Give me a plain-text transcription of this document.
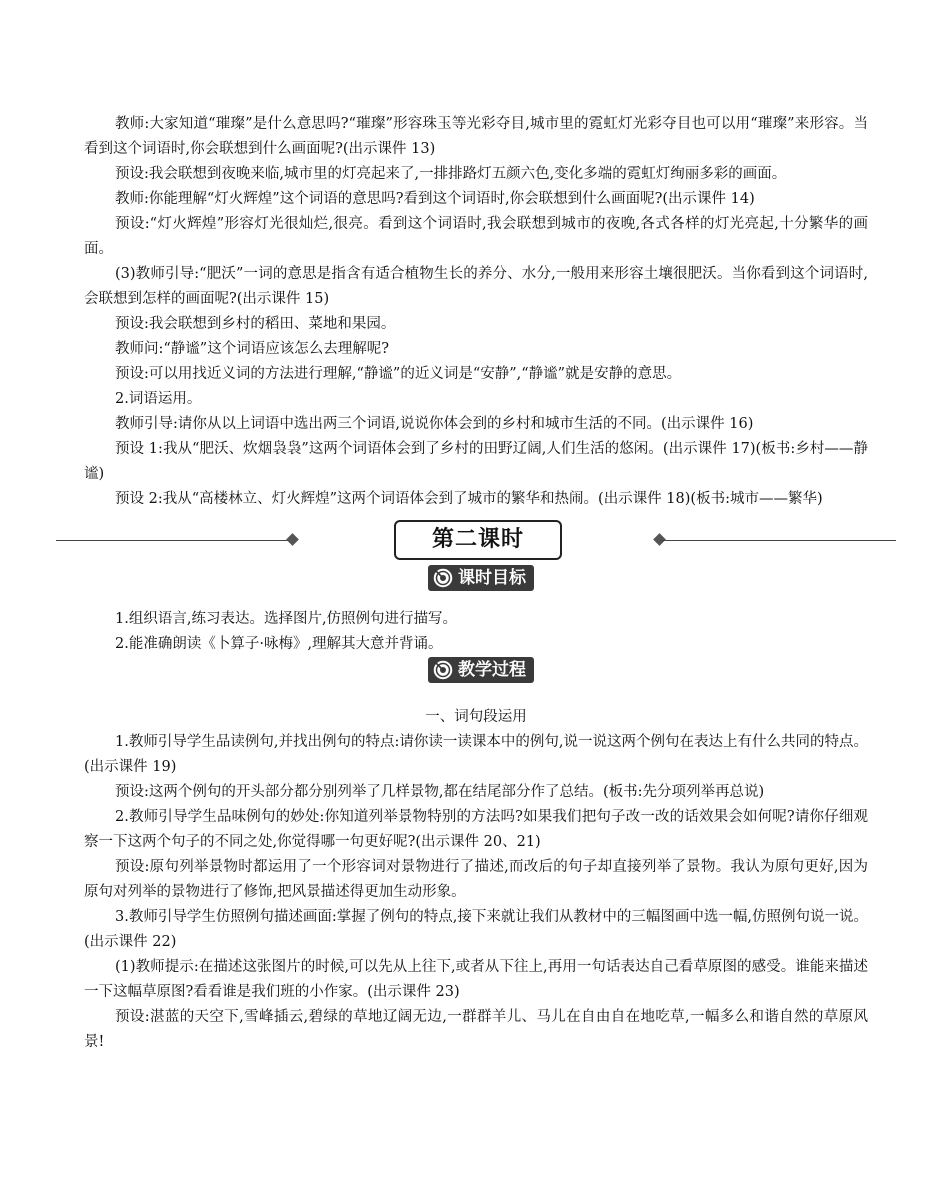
教师:大家知道“璀璨”是什么意思吗?“璀璨”形容珠玉等光彩夺目,城市里的霓虹灯光彩夺目也可以用“璀璨”来形容。当看到这个词语时,你会联想到什么画面呢?(出示课件 13)

预设:我会联想到夜晚来临,城市里的灯亮起来了,一排排路灯五颜六色,变化多端的霓虹灯绚丽多彩的画面。

教师:你能理解“灯火辉煌”这个词语的意思吗?看到这个词语时,你会联想到什么画面呢?(出示课件 14)

预设:“灯火辉煌”形容灯光很灿烂,很亮。看到这个词语时,我会联想到城市的夜晚,各式各样的灯光亮起,十分繁华的画面。

(3)教师引导:“肥沃”一词的意思是指含有适合植物生长的养分、水分,一般用来形容土壤很肥沃。当你看到这个词语时,会联想到怎样的画面呢?(出示课件 15)

预设:我会联想到乡村的稻田、菜地和果园。

教师问:“静谧”这个词语应该怎么去理解呢?

预设:可以用找近义词的方法进行理解,“静谧”的近义词是“安静”,“静谧”就是安静的意思。

2.词语运用。

教师引导:请你从以上词语中选出两三个词语,说说你体会到的乡村和城市生活的不同。(出示课件 16)

预设 1:我从“肥沃、炊烟袅袅”这两个词语体会到了乡村的田野辽阔,人们生活的悠闲。(出示课件 17)(板书:乡村——静谧)

预设 2:我从“高楼林立、灯火辉煌”这两个词语体会到了城市的繁华和热闹。(出示课件 18)(板书:城市——繁华)

第二课时
课时目标

1.组织语言,练习表达。选择图片,仿照例句进行描写。

2.能准确朗读《卜算子·咏梅》,理解其大意并背诵。

教学过程

一、词句段运用

1.教师引导学生品读例句,并找出例句的特点:请你读一读课本中的例句,说一说这两个例句在表达上有什么共同的特点。(出示课件 19)

预设:这两个例句的开头部分都分别列举了几样景物,都在结尾部分作了总结。(板书:先分项列举再总说)

2.教师引导学生品味例句的妙处:你知道列举景物特别的方法吗?如果我们把句子改一改的话效果会如何呢?请你仔细观察一下这两个句子的不同之处,你觉得哪一句更好呢?(出示课件 20、21)

预设:原句列举景物时都运用了一个形容词对景物进行了描述,而改后的句子却直接列举了景物。我认为原句更好,因为原句对列举的景物进行了修饰,把风景描述得更加生动形象。

3.教师引导学生仿照例句描述画面:掌握了例句的特点,接下来就让我们从教材中的三幅图画中选一幅,仿照例句说一说。(出示课件 22)

(1)教师提示:在描述这张图片的时候,可以先从上往下,或者从下往上,再用一句话表达自己看草原图的感受。谁能来描述一下这幅草原图?看看谁是我们班的小作家。(出示课件 23)

预设:湛蓝的天空下,雪峰插云,碧绿的草地辽阔无边,一群群羊儿、马儿在自由自在地吃草,一幅多么和谐自然的草原风景!
